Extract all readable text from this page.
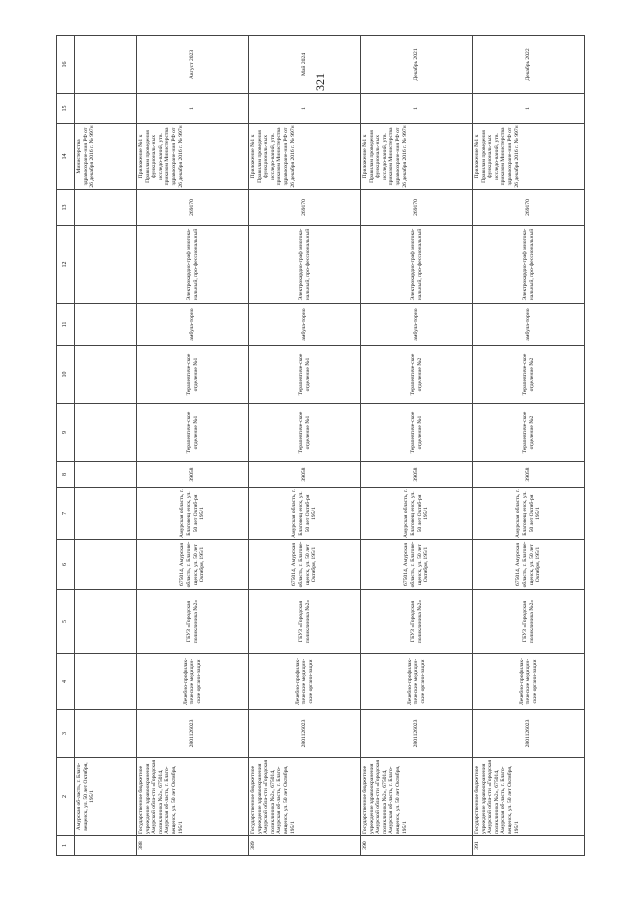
321
1	2	3	4	5	6	7	8	9	10	11	12	13	14	15	16
	Амурская об-ласть, г. Благо-вещенск, ул. 50 лет Октября, 195/1												Министерства здравоохране-ния РФ от 26 декабря 2016 г. № 997н		
388	Государственное бюджетное учреждение здравоохранения Амурской обла-сти «Городская поликлиника №2», 675014, Амурская об-ласть, г. Благо-вещенск, ул. 50 лет Октября, 195/1	2801126023	Лечебно-профилак-тические медицин-ские органи-зации	ГБУЗ «Городская поликлиника №2»	675014, Амурская область, г. Благове-щенск, ул. 50 лет Октября, 195/1	Амурская область, г. Благовещ енск, ул. 50 лет Октяб-ря 195/1	39058	Терапевтиче-ское отделение №1	Терапевтиче-ское отделение №1	амбула-торно	Электрокардио-граф многока-нальный, про-фессиональный	269170	Приложение №1 к Правилам проведения функциональ-ных исследо-ваний, утв. приказом Министерства здравоохране-ния РФ от 26 декабря 2016 г. № 997н	1	Август 2023
389	Государственное бюджетное учреждение здравоохранения Амурской обла-сти «Городская поликлиника №2», 675014, Амурская об-ласть, г. Благо-вещенск, ул. 50 лет Октября, 195/1	2801126023	Лечебно-профилак-тические медицин-ские органи-зации	ГБУЗ «Городская поликлиника №2»	675014, Амурская область, г. Благове-щенск, ул. 50 лет Октября, 195/1	Амурская область, г. Благовещ енск, ул. 50 лет Октяб-ря 195/1	39058	Терапевтиче-ское отделение №1	Терапевтиче-ское отделение №1	амбула-торно	Электрокардио-граф многока-нальный, про-фессиональный	269170	Приложение №1 к Правилам проведения функциональ-ных исследо-ваний, утв. приказом Министерства здравоохране-ния РФ от 26 декабря 2016 г. № 997н	1	Май 2024
390	Государственное бюджетное учреждение здравоохранения Амурской обла-сти «Городская поликлиника №2», 675014, Амурская об-ласть, г. Благо-вещенск, ул. 50 лет Октября, 195/1	2801126023	Лечебно-профилак-тические медицин-ские органи-зации	ГБУЗ «Городская поликлиника №2»	675014, Амурская область, г. Благове-щенск, ул. 50 лет Октября, 195/1	Амурская область, г. Благовещ енск, ул. 50 лет Октяб-ря 195/1	39058	Терапевтиче-ское отделение №1	Терапевтиче-ское отделение №2	амбула-торно	Электрокардио-граф многока-нальный, про-фессиональный	269170	Приложение №1 к Правилам проведения функциональ-ных исследо-ваний, утв. приказом Министерства здравоохране-ния РФ от 26 декабря 2016 г. № 997н	1	Декабрь 2021
391	Государственное бюджетное учреждение здравоохранения Амурской обла-сти «Городская поликлиника №2», 675014, Амурская об-ласть, г. Благо-вещенск, ул. 50 лет Октября, 195/1	2801126023	Лечебно-профилак-тические медицин-ские органи-зации	ГБУЗ «Городская поликлиника №2»	675014, Амурская область, г. Благове-щенск, ул. 50 лет Октября, 195/1	Амурская область, г. Благовещ енск, ул. 50 лет Октяб-ря 195/1	39058	Терапевтиче-ское отделение №2	Терапевтиче-ское отделение №2	амбула-торно	Электрокардио-граф многока-нальный, про-фессиональный	269170	Приложение №1 к Правилам проведения функциональ-ных исследо-ваний, утв. приказом Министерства здравоохране-ния РФ от 26 декабря 2016 г. № 997н	1	Декабрь 2022
